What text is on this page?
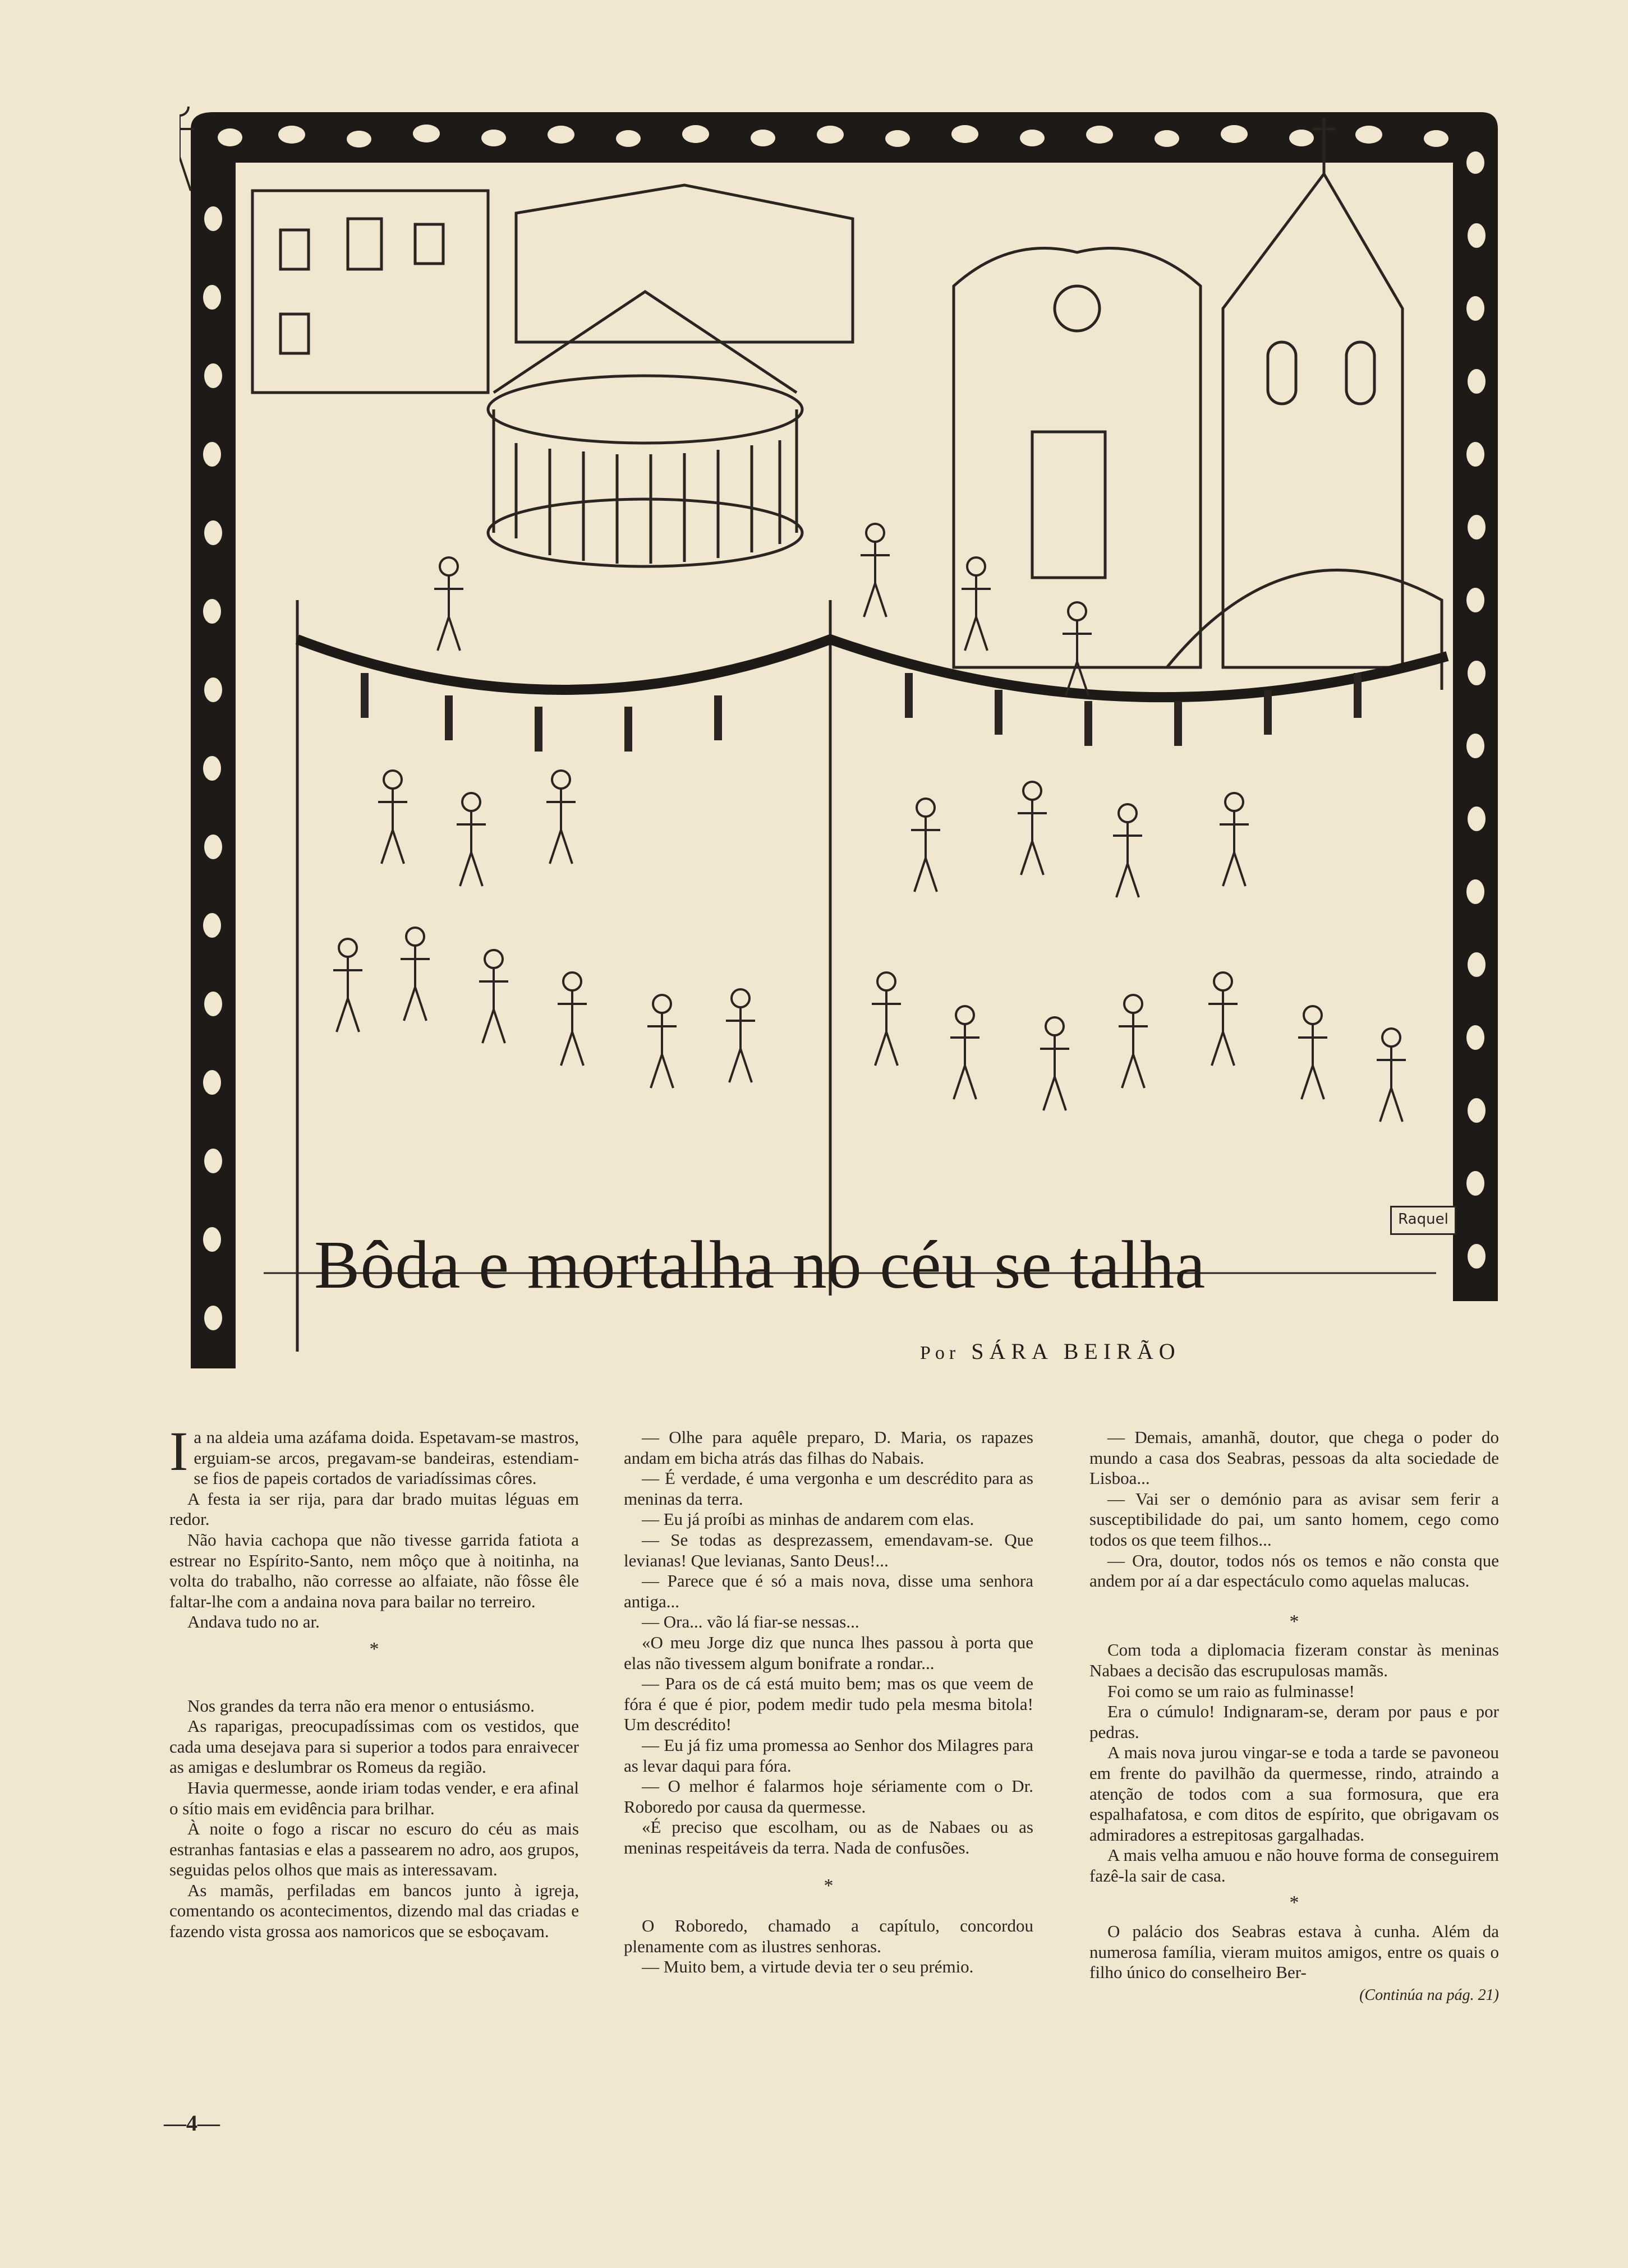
Raquel
Bôda e mortalha no céu se talha
Por SÁRA BEIRÃO

Ia na aldeia uma azáfama doida. Espetavam-se mastros, erguiam-se arcos, pregavam-se bandeiras, estendiam-se fios de papeis cortados de variadíssimas côres.

A festa ia ser rija, para dar brado muitas léguas em redor.

Não havia cachopa que não tivesse garrida fatiota a estrear no Espírito-Santo, nem môço que à noitinha, na volta do trabalho, não corresse ao alfaiate, não fôsse êle faltar-lhe com a andaina nova para bailar no terreiro.

Andava tudo no ar.

*

Nos grandes da terra não era menor o entusiásmo.

As raparigas, preocupadíssimas com os vestidos, que cada uma desejava para si superior a todos para enraivecer as amigas e deslumbrar os Romeus da região.

Havia quermesse, aonde iriam todas vender, e era afinal o sítio mais em evidência para brilhar.

À noite o fogo a riscar no escuro do céu as mais estranhas fantasias e elas a passearem no adro, aos grupos, seguidas pelos olhos que mais as interessavam.

As mamãs, perfiladas em bancos junto à igreja, comentando os acontecimentos, dizendo mal das criadas e fazendo vista grossa aos namoricos que se esboçavam.

— Olhe para aquêle preparo, D. Maria, os rapazes andam em bicha atrás das filhas do Nabais.

— É verdade, é uma vergonha e um descrédito para as meninas da terra.

— Eu já proíbi as minhas de andarem com elas.

— Se todas as desprezassem, emendavam-se. Que levianas! Que levianas, Santo Deus!...

— Parece que é só a mais nova, disse uma senhora antiga...

— Ora... vão lá fiar-se nessas...

«O meu Jorge diz que nunca lhes passou à porta que elas não tivessem algum bonifrate a rondar...

— Para os de cá está muito bem; mas os que veem de fóra é que é pior, podem medir tudo pela mesma bitola! Um descrédito!

— Eu já fiz uma promessa ao Senhor dos Milagres para as levar daqui para fóra.

— O melhor é falarmos hoje sériamente com o Dr. Roboredo por causa da quermesse.

«É preciso que escolham, ou as de Nabaes ou as meninas respeitáveis da terra. Nada de confusões.

*

O Roboredo, chamado a capítulo, concordou plenamente com as ilustres senhoras.

— Muito bem, a virtude devia ter o seu prémio.

— Demais, amanhã, doutor, que chega o poder do mundo a casa dos Seabras, pessoas da alta sociedade de Lisboa...

— Vai ser o demónio para as avisar sem ferir a susceptibilidade do pai, um santo homem, cego como todos os que teem filhos...

— Ora, doutor, todos nós os temos e não consta que andem por aí a dar espectáculo como aquelas malucas.

*

Com toda a diplomacia fizeram constar às meninas Nabaes a decisão das escrupulosas mamãs.

Foi como se um raio as fulminasse!

Era o cúmulo! Indignaram-se, deram por paus e por pedras.

A mais nova jurou vingar-se e toda a tarde se pavoneou em frente do pavilhão da quermesse, rindo, atraindo a atenção de todos com a sua formosura, que era espalhafatosa, e com ditos de espírito, que obrigavam os admiradores a estrepitosas gargalhadas.

A mais velha amuou e não houve forma de conseguirem fazê-la sair de casa.

*

O palácio dos Seabras estava à cunha. Além da numerosa família, vieram muitos amigos, entre os quais o filho único do conselheiro Ber-

(Continúa na pág. 21)
—4—
